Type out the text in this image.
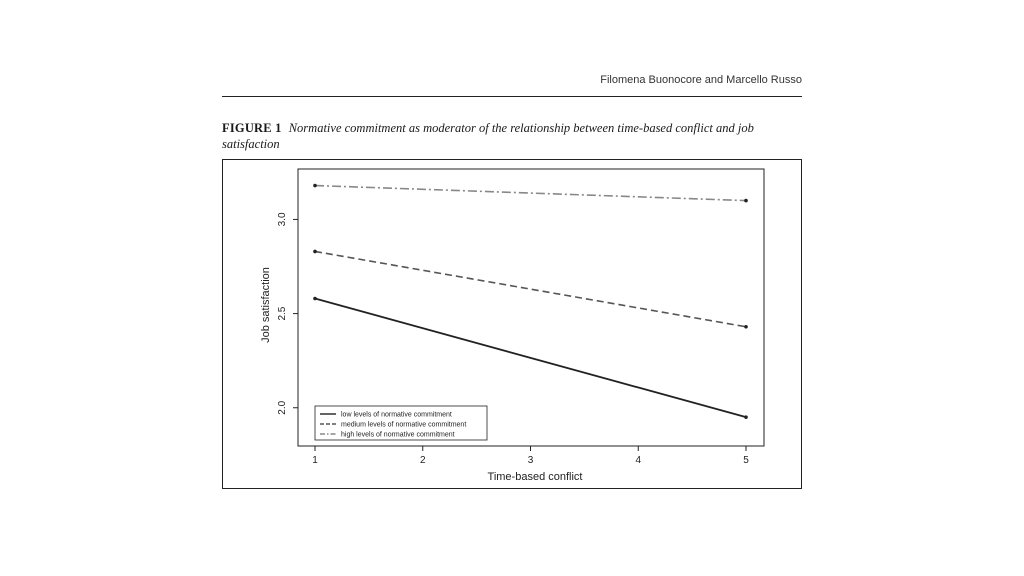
Filomena Buonocore and Marcello Russo
FIGURE 1 Normative commitment as moderator of the relationship between time-based conflict and job satisfaction
1	2	3	4	5
2.0
2.5
3.0
low levels of normative commitment
medium levels of normative commitment
high levels of normative commitment
Time-based conflict
Job satisfaction
